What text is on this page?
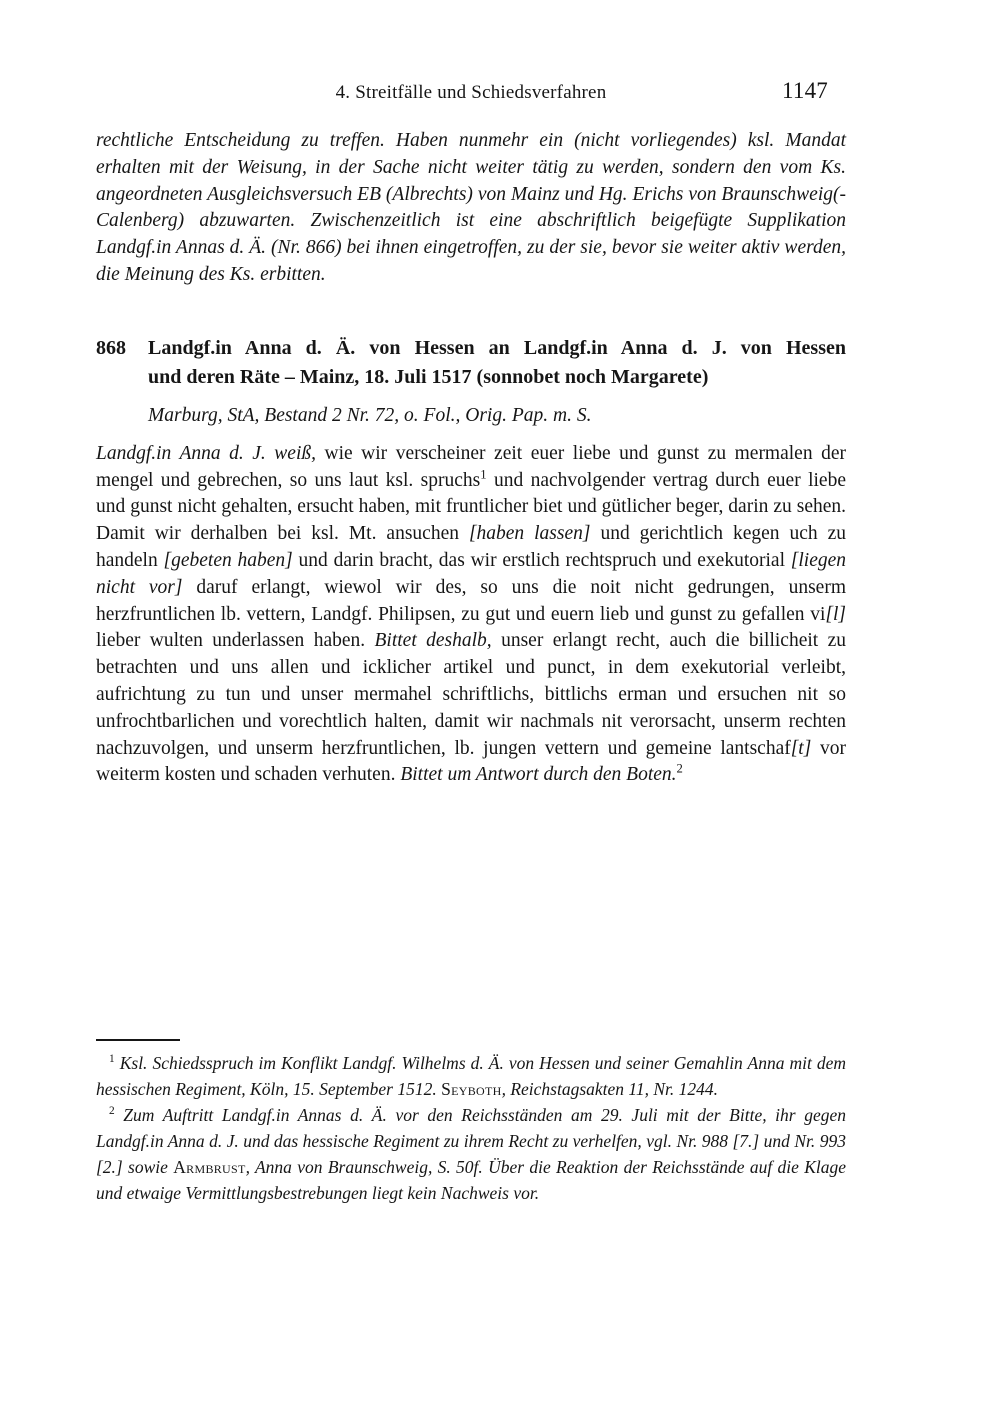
4. Streitfälle und Schiedsverfahren	1147

rechtliche Entscheidung zu treffen. Haben nunmehr ein (nicht vorliegendes) ksl. Mandat erhalten mit der Weisung, in der Sache nicht weiter tätig zu werden, sondern den vom Ks. angeordneten Ausgleichsversuch EB (Albrechts) von Mainz und Hg. Erichs von Braunschweig(-Calenberg) abzuwarten. Zwischenzeitlich ist eine abschriftlich beigefügte Supplikation Landgf.in Annas d. Ä. (Nr. 866) bei ihnen eingetroffen, zu der sie, bevor sie weiter aktiv werden, die Meinung des Ks. erbitten.

868 Landgf.in Anna d. Ä. von Hessen an Landgf.in Anna d. J. von Hessen
und deren Räte – Mainz, 18. Juli 1517 (sonnobet noch Margarete)

Marburg, StA, Bestand 2 Nr. 72, o. Fol., Orig. Pap. m. S.

Landgf.in Anna d. J. weiß, wie wir verscheiner zeit euer liebe und gunst zu mermalen der mengel und gebrechen, so uns laut ksl. spruchs$^1$ und nachvolgender vertrag durch euer liebe und gunst nicht gehalten, ersucht haben, mit fruntlicher biet und gütlicher beger, darin zu sehen. Damit wir derhalben bei ksl. Mt. ansuchen [haben lassen] und gerichtlich kegen uch zu handeln [gebeten haben] und darin bracht, das wir erstlich rechtspruch und exekutorial [liegen nicht vor] daruf erlangt, wiewol wir des, so uns die noit nicht gedrungen, unserm herzfruntlichen lb. vettern, Landgf. Philipsen, zu gut und euern lieb und gunst zu gefallen vi[l] lieber wulten underlassen haben. Bittet deshalb, unser erlangt recht, auch die billicheit zu betrachten und uns allen und icklicher artikel und punct, in dem exekutorial verleibt, aufrichtung zu tun und unser mermahel schriftlichs, bittlichs erman und ersuchen nit so unfrochtbarlichen und vorechtlich halten, damit wir nachmals nit verorsacht, unserm rechten nachzuvolgen, und unserm herzfruntlichen, lb. jungen vettern und gemeine lantschaf[t] vor weiterm kosten und schaden verhuten. Bittet um Antwort durch den Boten.$^2$

$^1$ Ksl. Schiedsspruch im Konflikt Landgf. Wilhelms d. Ä. von Hessen und seiner Gemahlin Anna mit dem hessischen Regiment, Köln, 15. September 1512. Seyboth, Reichstagsakten 11, Nr. 1244.

$^2$ Zum Auftritt Landgf.in Annas d. Ä. vor den Reichsständen am 29. Juli mit der Bitte, ihr gegen Landgf.in Anna d. J. und das hessische Regiment zu ihrem Recht zu verhelfen, vgl. Nr. 988 [7.] und Nr. 993 [2.] sowie Armbrust, Anna von Braunschweig, S. 50f. Über die Reaktion der Reichsstände auf die Klage und etwaige Vermittlungsbestrebungen liegt kein Nachweis vor.
